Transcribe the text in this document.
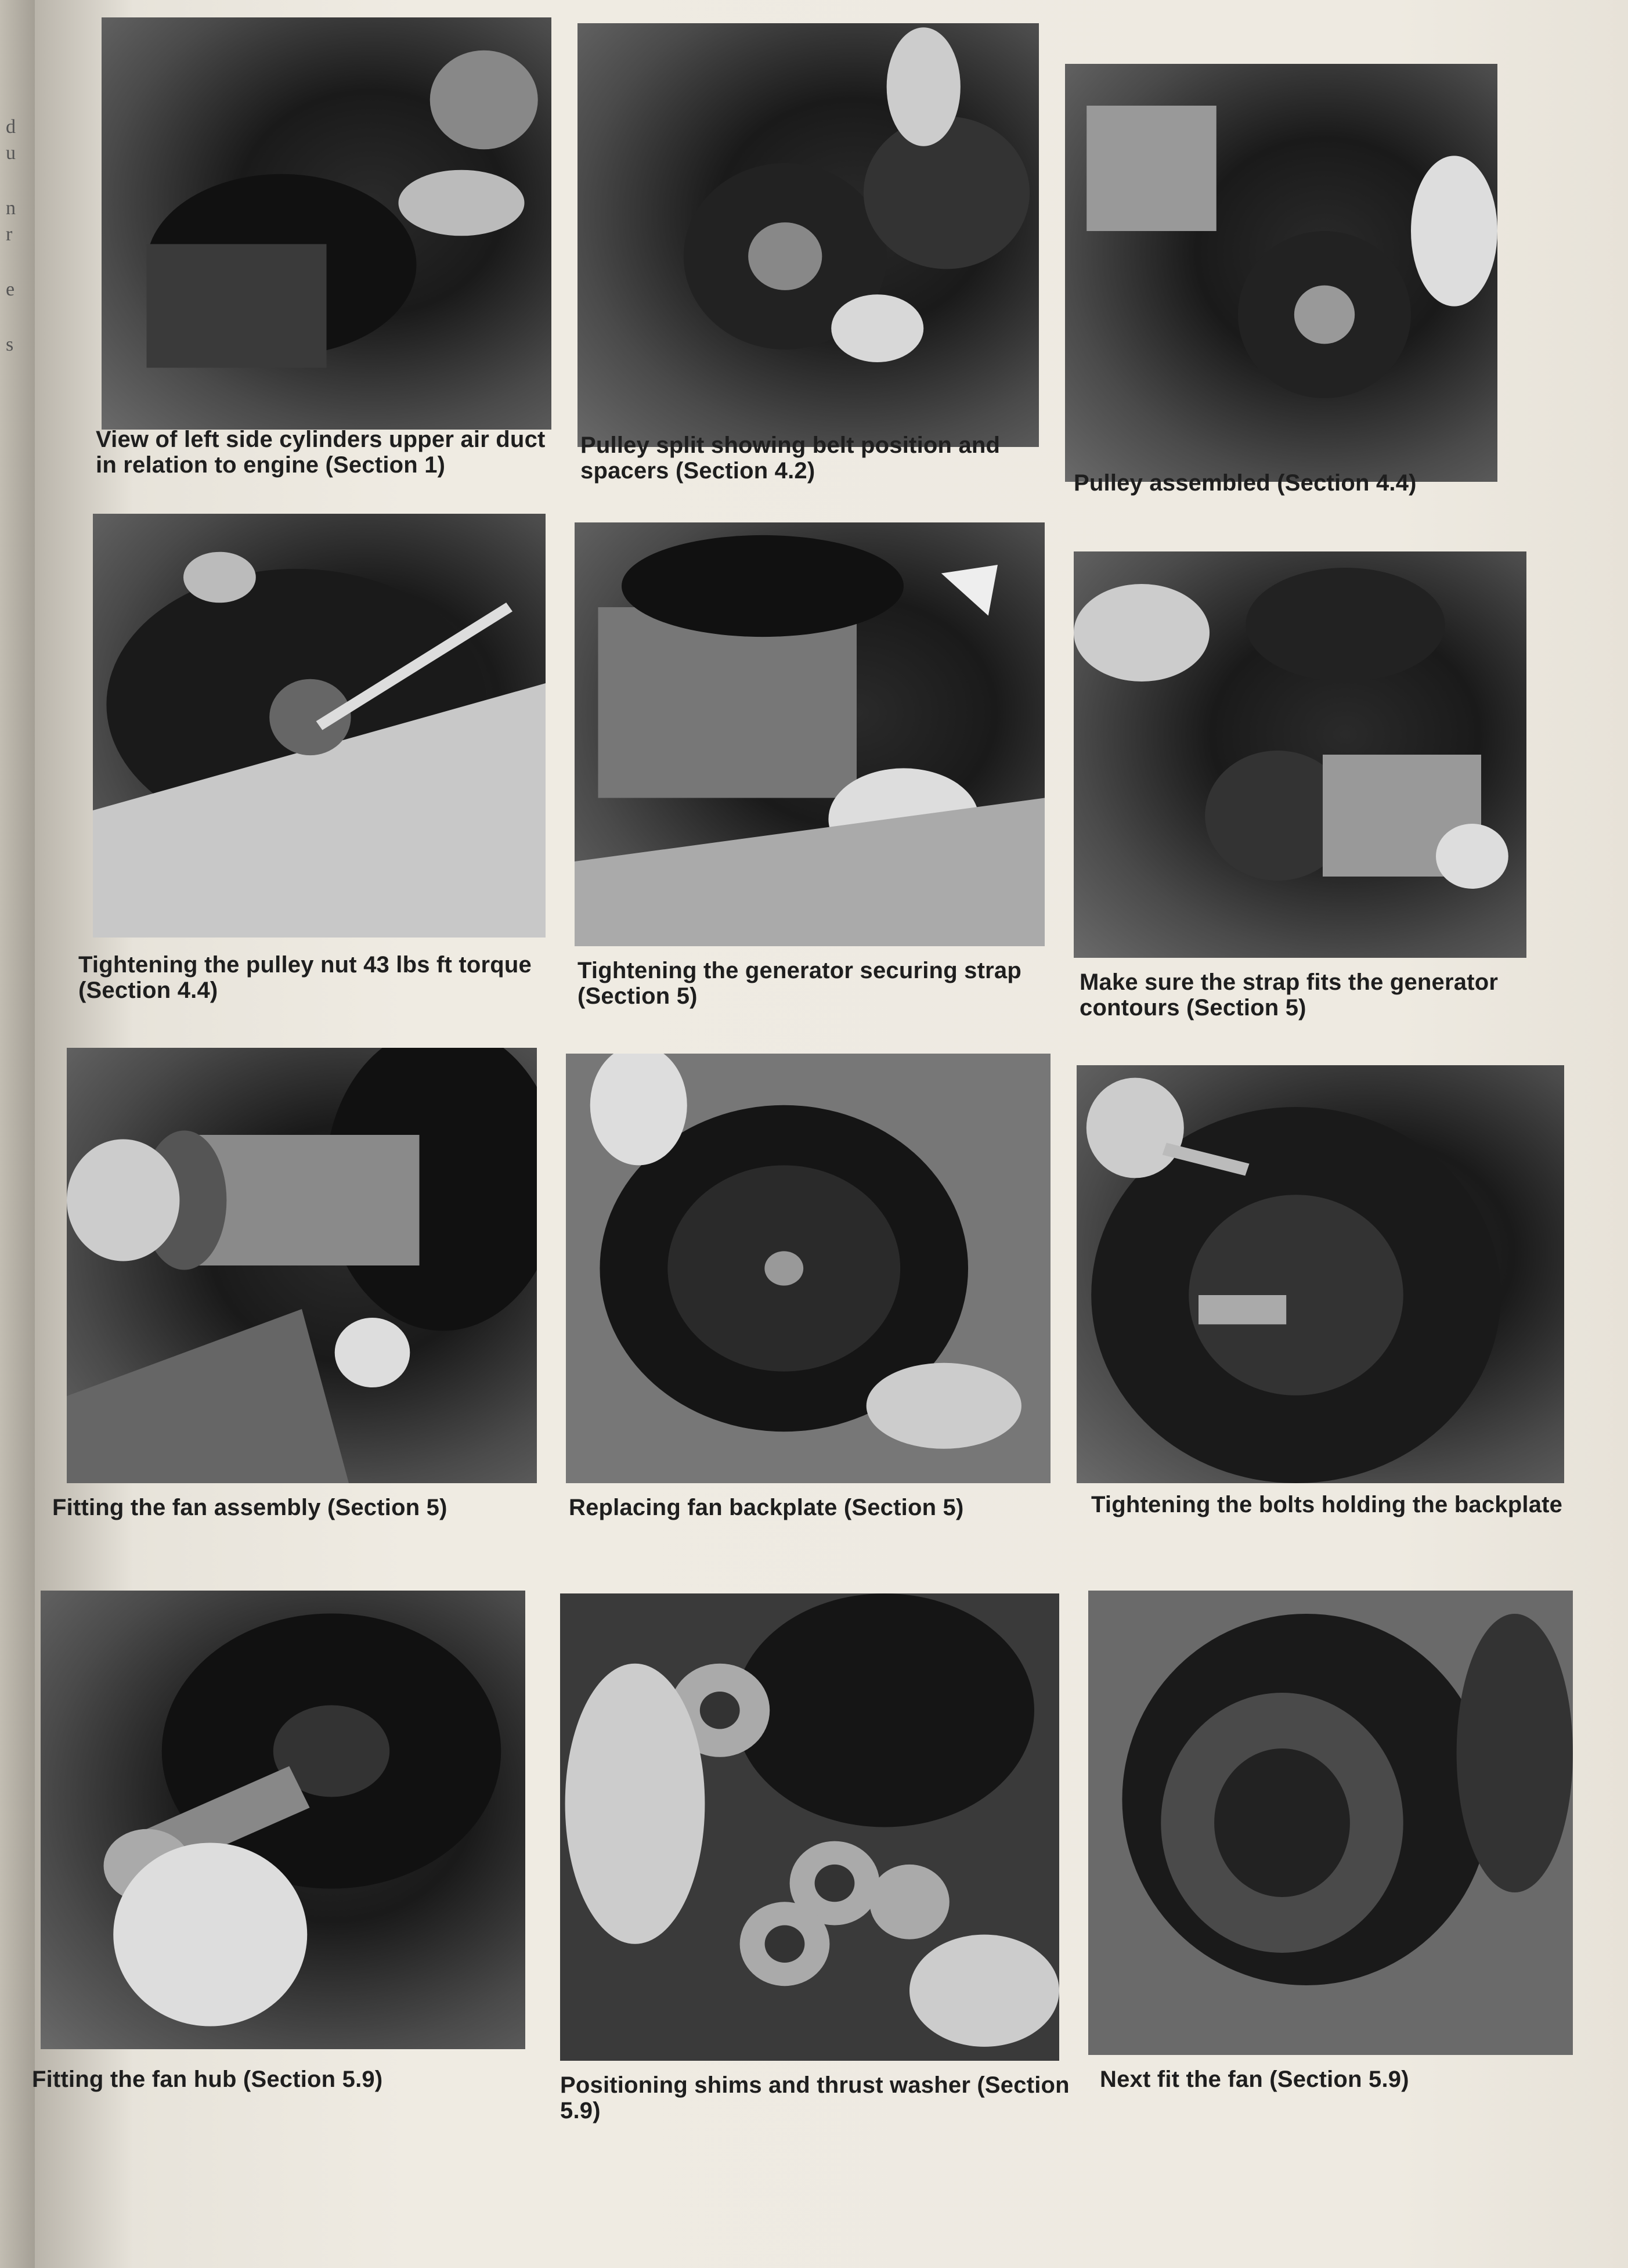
d
u
n
r
e
s
View of left side cylinders upper air duct in relation to engine (Section 1)
Pulley split showing belt position and spacers (Section 4.2)	Pulley assembled (Section 4.4)
Tightening the pulley nut 43 lbs ft torque (Section 4.4)
Tightening the generator securing strap (Section 5)
Make sure the strap fits the generator contours (Section 5)
Fitting the fan assembly (Section 5)	Replacing fan backplate (Section 5)	Tightening the bolts holding the backplate
Fitting the fan hub (Section 5.9)	Positioning shims and thrust washer (Section 5.9)
Next fit the fan (Section 5.9)
